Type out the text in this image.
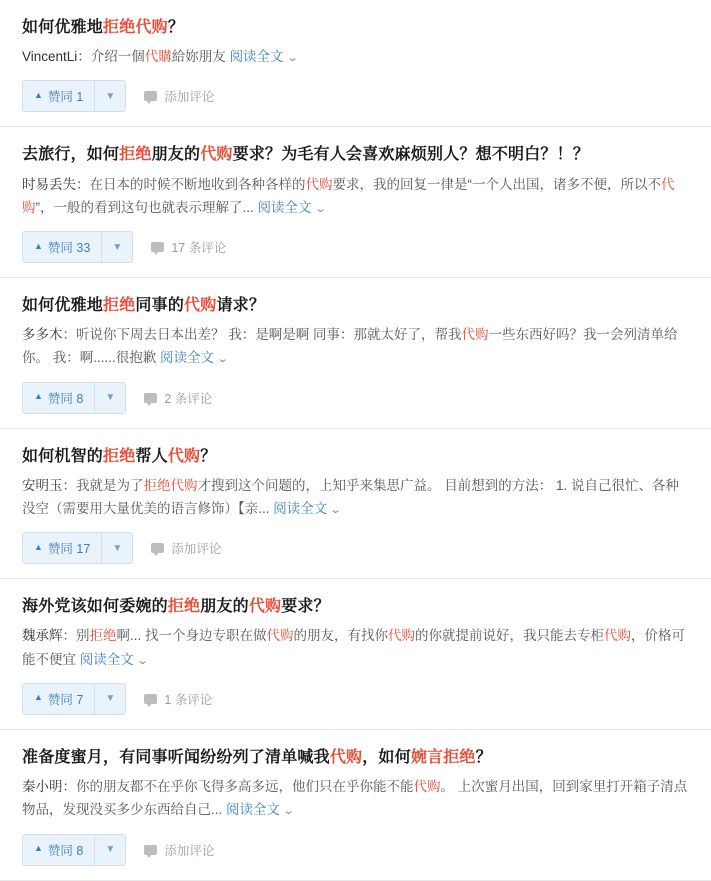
如何优雅地拒绝代购？
VincentLi：介绍一個代購給妳朋友 阅读全文 ⌄
▲ 赞同 1 ▼	添加评论
去旅行，如何拒绝朋友的代购要求？为毛有人会喜欢麻烦别人？想不明白？！？
时易丢失：在日本的时候不断地收到各种各样的代购要求，我的回复一律是“一个人出国，诸多不便，所以不代购”，一般的看到这句也就表示理解了... 阅读全文 ⌄
▲ 赞同 33 ▼	17 条评论
如何优雅地拒绝同事的代购请求？
多多木：听说你下周去日本出差？ 我：是啊是啊 同事：那就太好了，帮我代购一些东西好吗？我一会列清单给你。 我：啊......很抱歉 阅读全文 ⌄
▲ 赞同 8 ▼	2 条评论
如何机智的拒绝帮人代购？
安明玉：我就是为了拒绝代购才搜到这个问题的，上知乎来集思广益。 目前想到的方法： 1. 说自己很忙、各种没空（需要用大量优美的语言修饰）【亲... 阅读全文 ⌄
▲ 赞同 17 ▼	添加评论
海外党该如何委婉的拒绝朋友的代购要求？
魏承辉：别拒绝啊... 找一个身边专职在做代购的朋友，有找你代购的你就提前说好，我只能去专柜代购，价格可能不便宜 阅读全文 ⌄
▲ 赞同 7 ▼	1 条评论
准备度蜜月，有同事听闻纷纷列了清单喊我代购，如何婉言拒绝？
秦小明：你的朋友都不在乎你飞得多高多远，他们只在乎你能不能代购。 上次蜜月出国，回到家里打开箱子清点物品，发现没买多少东西给自己... 阅读全文 ⌄
▲ 赞同 8 ▼	添加评论
